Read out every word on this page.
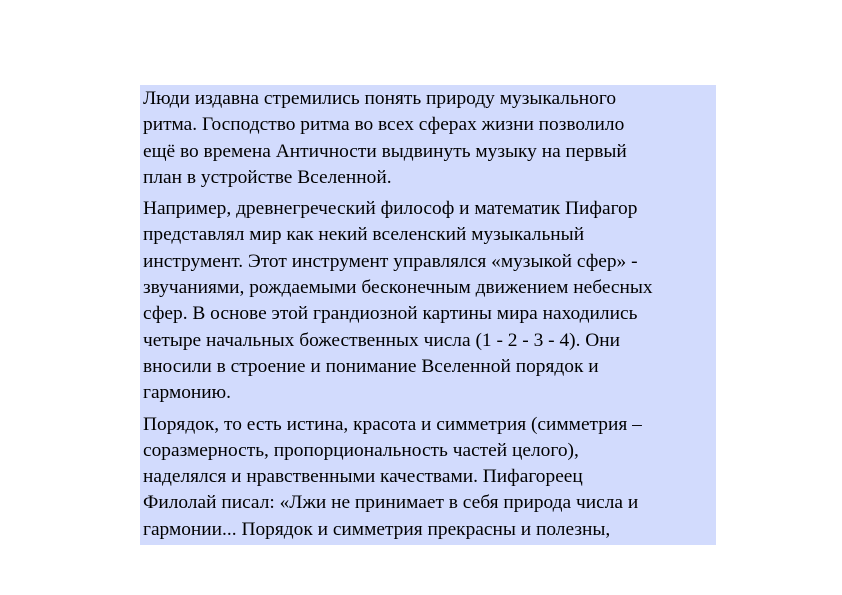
Люди издавна стремились понять природу музыкального
ритма. Господство ритма во всех сферах жизни позволило
ещё во времена Античности выдвинуть музыку на первый
план в устройстве Вселенной.

Например, древнегреческий философ и математик Пифагор
представлял мир как некий вселенский музыкальный
инструмент. Этот инструмент управлялся «музыкой сфер» -
звучаниями, рождаемыми бесконечным движением небесных
сфер. В основе этой грандиозной картины мира находились
четыре начальных божественных числа (1 - 2 - 3 - 4). Они
вносили в строение и понимание Вселенной порядок и
гармонию.

Порядок, то есть истина, красота и симметрия (симметрия –
соразмерность, пропорциональность частей целого),
наделялся и нравственными качествами. Пифагореец
Филолай писал: «Лжи не принимает в себя природа числа и
гармонии... Порядок и симметрия прекрасны и полезны,
